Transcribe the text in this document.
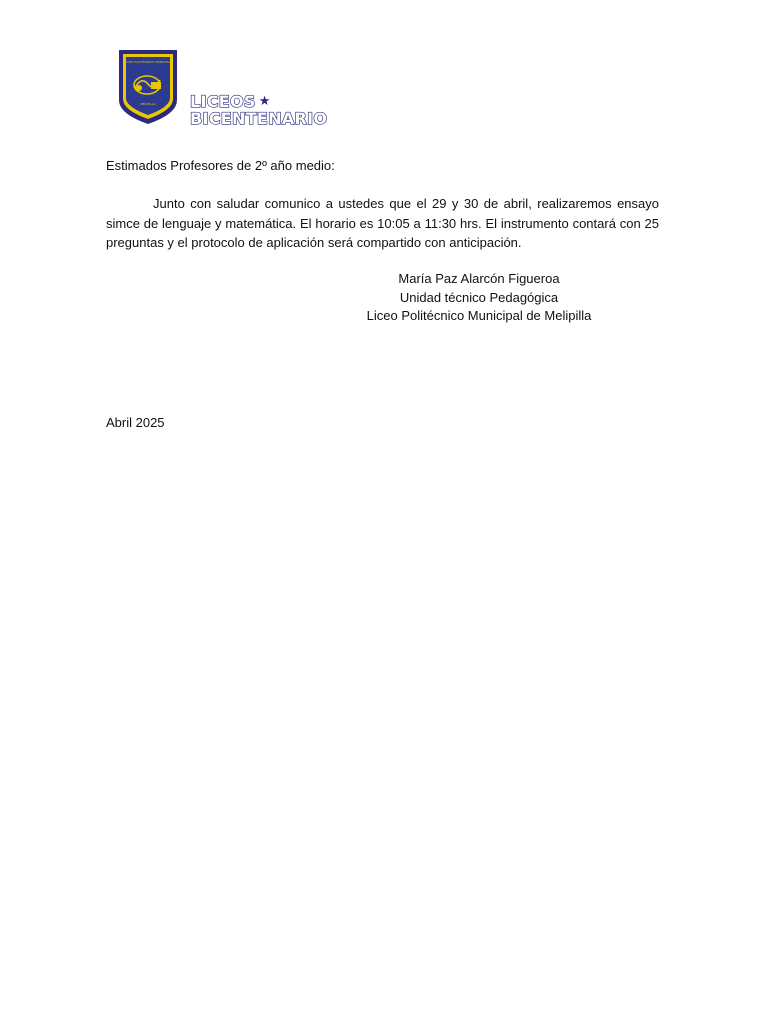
LICEO POLITÉCNICO MUNICIPAL
MELIPILLA LICEOS ★
BICENTENARIO
Estimados Profesores de 2º año medio:

Junto con saludar comunico a ustedes que el 29 y 30 de abril, realizaremos ensayo simce de lenguaje y matemática. El horario es 10:05 a 11:30 hrs. El instrumento contará con 25 preguntas y el protocolo de aplicación será compartido con anticipación.

María Paz Alarcón Figueroa
Unidad técnico Pedagógica
Liceo Politécnico Municipal de Melipilla
Abril 2025
